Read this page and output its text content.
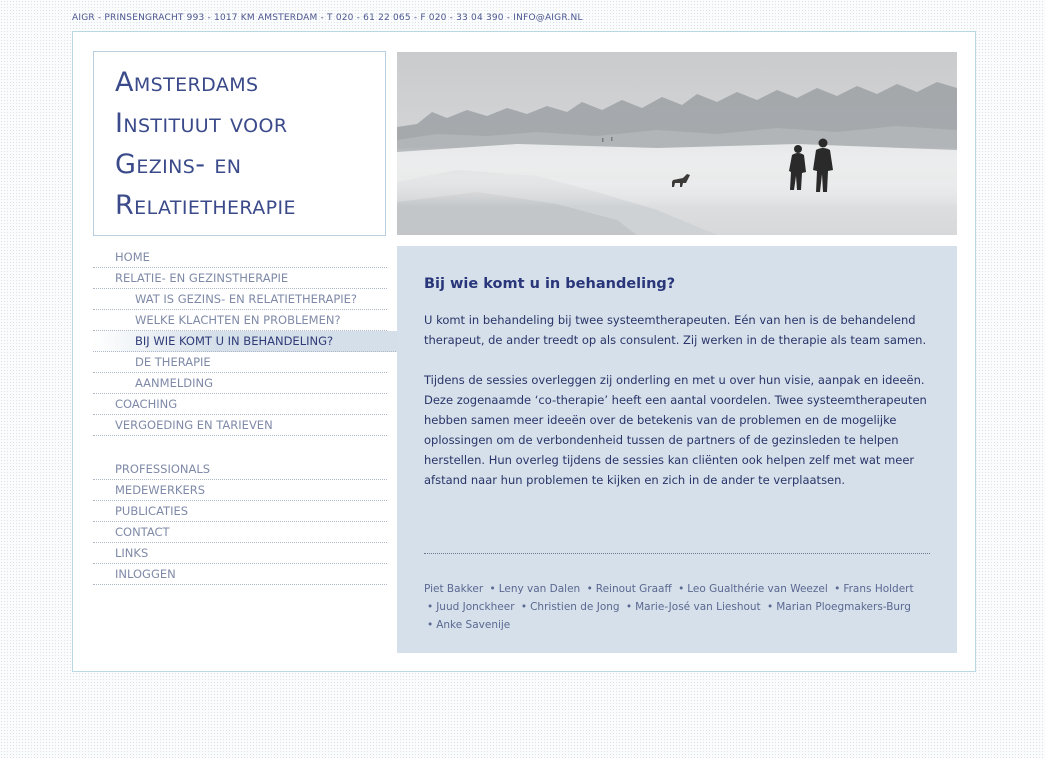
AIGR - PRINSENGRACHT 993 - 1017 KM AMSTERDAM - T 020 - 61 22 065 - F 020 - 33 04 390 - INFO@AIGR.NL
Amsterdams
Instituut voor
Gezins- en
Relatietherapie
HOME
RELATIE- EN GEZINSTHERAPIE
WAT IS GEZINS- EN RELATIETHERAPIE?
WELKE KLACHTEN EN PROBLEMEN?
BIJ WIE KOMT U IN BEHANDELING?
DE THERAPIE
AANMELDING
COACHING
VERGOEDING EN TARIEVEN
PROFESSIONALS
MEDEWERKERS
PUBLICATIES
CONTACT
LINKS
INLOGGEN
Bij wie komt u in behandeling?

U komt in behandeling bij twee systeemtherapeuten. Eén van hen is de behandelend therapeut, de ander treedt op als consulent. Zij werken in de therapie als team samen.

Tijdens de sessies overleggen zij onderling en met u over hun visie, aanpak en ideeën. Deze zogenaamde ‘co-therapie’ heeft een aantal voordelen. Twee systeemtherapeuten hebben samen meer ideeën over de betekenis van de problemen en de mogelijke oplossingen om de verbondenheid tussen de partners of de gezinsleden te helpen herstellen. Hun overleg tijdens de sessies kan cliënten ook helpen zelf met wat meer afstand naar hun problemen te kijken en zich in de ander te verplaatsen.

Piet Bakker • Leny van Dalen • Reinout Graaff • Leo Gualthérie van Weezel • Frans Holdert • Juud Jonckheer • Christien de Jong • Marie-José van Lieshout • Marian Ploegmakers-Burg • Anke Savenije
